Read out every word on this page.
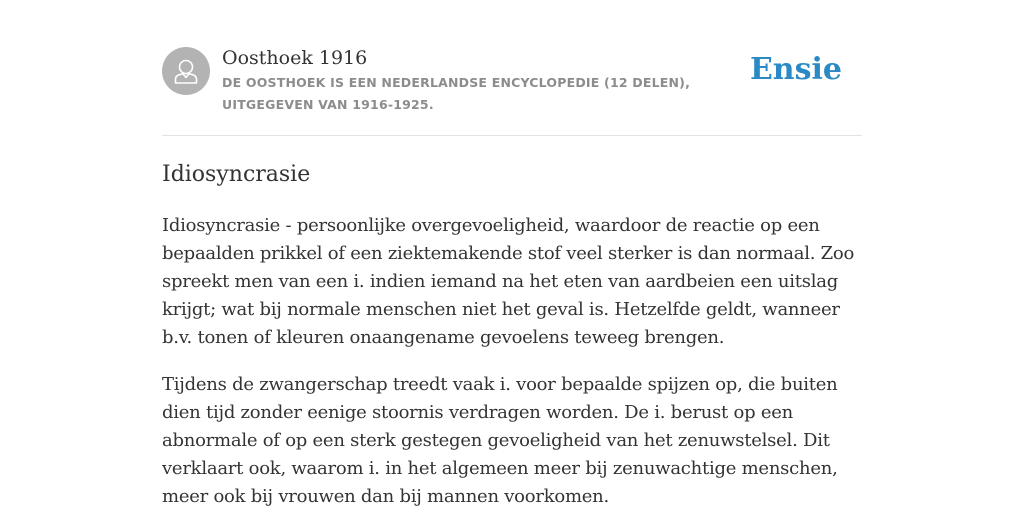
Oosthoek 1916
DE OOSTHOEK IS EEN NEDERLANDSE ENCYCLOPEDIE (12 DELEN), UITGEGEVEN VAN 1916-1925.
Ensie
Idiosyncrasie

Idiosyncrasie - persoonlijke overgevoeligheid, waardoor de reactie op een bepaalden prikkel of een ziektemakende stof veel sterker is dan normaal. Zoo spreekt men van een i. indien iemand na het eten van aardbeien een uitslag krijgt; wat bij normale menschen niet het geval is. Hetzelfde geldt, wanneer b.v. tonen of kleuren onaangename gevoelens teweeg brengen.

Tijdens de zwangerschap treedt vaak i. voor bepaalde spijzen op, die buiten dien tijd zonder eenige stoornis verdragen worden. De i. berust op een abnormale of op een sterk gestegen gevoeligheid van het zenuwstelsel. Dit verklaart ook, waarom i. in het algemeen meer bij zenuwachtige menschen, meer ook bij vrouwen dan bij mannen voorkomen.
